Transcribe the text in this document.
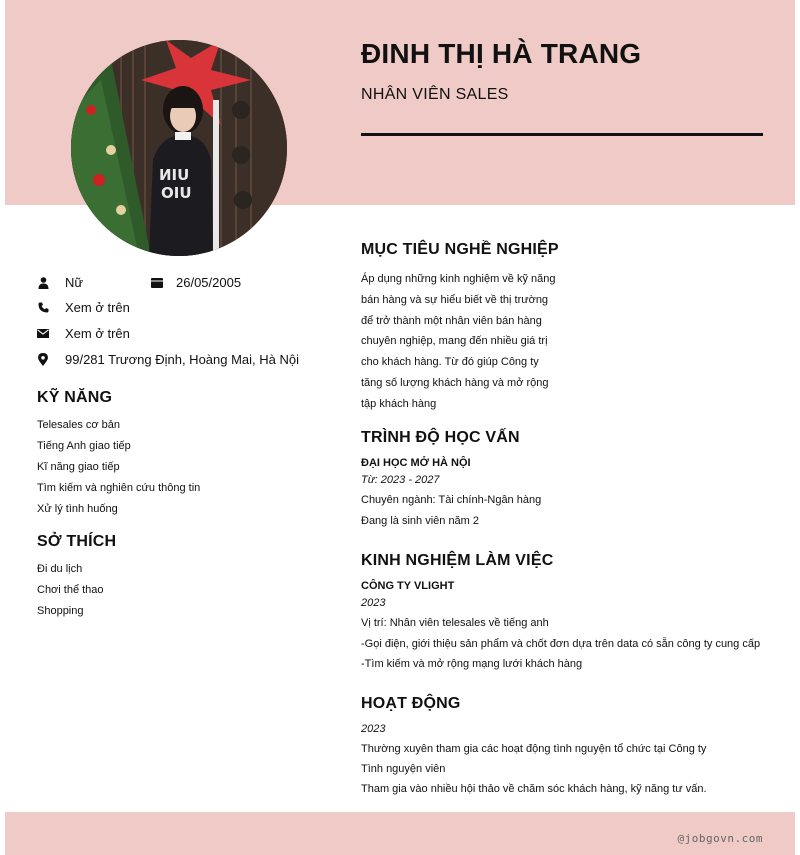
ИIU
ОIU
ĐINH THỊ HÀ TRANG

NHÂN VIÊN SALES

Nữ	26/05/2005
Xem ở trên
Xem ở trên
99/281 Trương Định, Hoàng Mai, Hà Nội
KỸ NĂNG
Telesales cơ bản
Tiếng Anh giao tiếp
Kĩ năng giao tiếp
Tìm kiếm và nghiên cứu thông tin
Xử lý tình huống
SỞ THÍCH
Đi du lịch
Chơi thể thao
Shopping
MỤC TIÊU NGHỀ NGHIỆP

Áp dụng những kinh nghiệm về kỹ năng

bán hàng và sự hiểu biết về thị trường

để trở thành một nhân viên bán hàng

chuyên nghiệp, mang đến nhiều giá trị

cho khách hàng. Từ đó giúp Công ty

tăng số lượng khách hàng và mở rộng

tập khách hàng

TRÌNH ĐỘ HỌC VẤN

ĐẠI HỌC MỞ HÀ NỘI

Từ: 2023 - 2027

Chuyên ngành: Tài chính-Ngân hàng

Đang là sinh viên năm 2

KINH NGHIỆM LÀM VIỆC

CÔNG TY VLIGHT

2023

Vị trí: Nhân viên telesales về tiếng anh

-Gọi điện, giới thiệu sản phẩm và chốt đơn dựa trên data có sẵn công ty cung cấp

-Tìm kiếm và mở rộng mạng lưới khách hàng

HOẠT ĐỘNG

2023

Thường xuyên tham gia các hoạt động tình nguyện tổ chức tại Công ty

Tình nguyện viên

Tham gia vào nhiều hội thảo về chăm sóc khách hàng, kỹ năng tư vấn.

@jobgovn.com
